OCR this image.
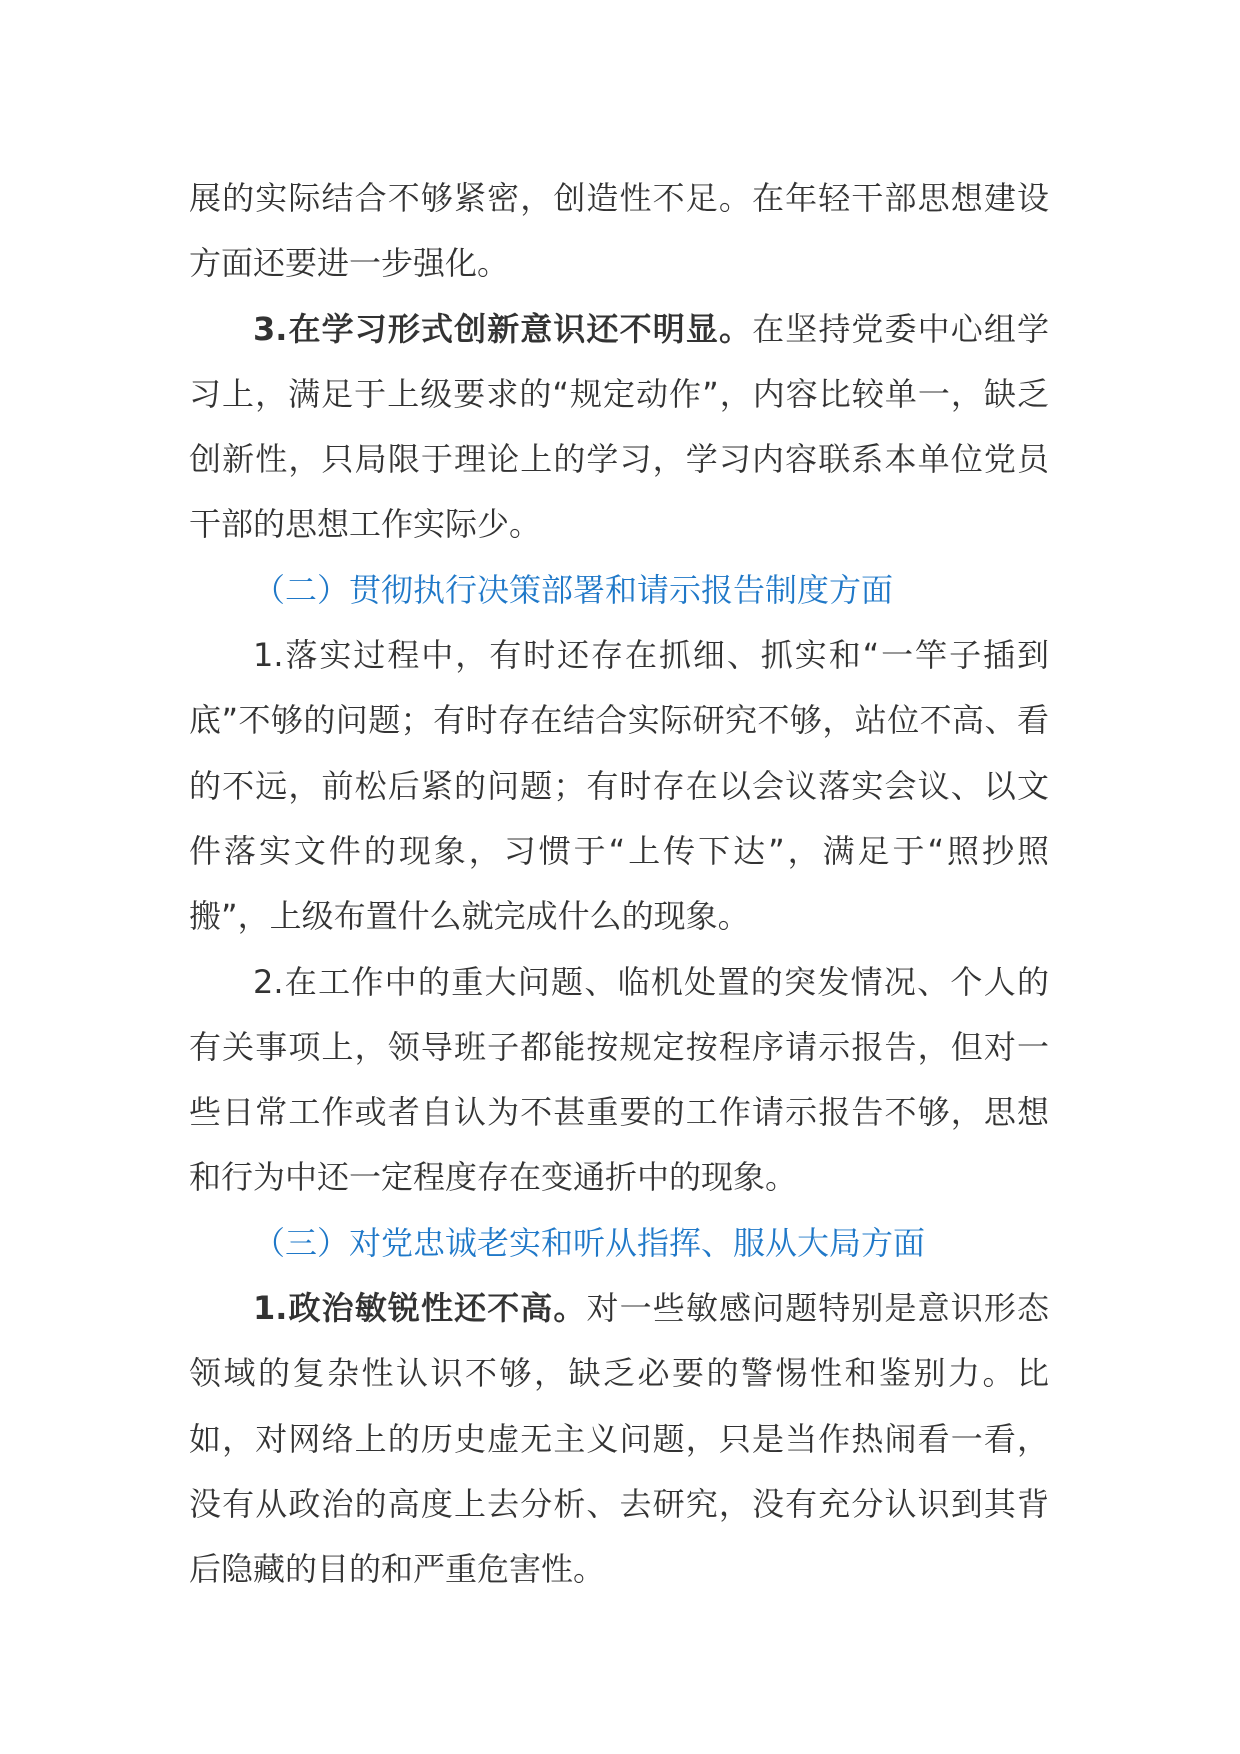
展的实际结合不够紧密，创造性不足。在年轻干部思想建设方面还要进一步强化。

3.在学习形式创新意识还不明显。在坚持党委中心组学习上，满足于上级要求的“规定动作”，内容比较单一，缺乏创新性，只局限于理论上的学习，学习内容联系本单位党员干部的思想工作实际少。

（二）贯彻执行决策部署和请示报告制度方面

1.落实过程中，有时还存在抓细、抓实和“一竿子插到底”不够的问题；有时存在结合实际研究不够，站位不高、看的不远，前松后紧的问题；有时存在以会议落实会议、以文件落实文件的现象，习惯于“上传下达”，满足于“照抄照搬”，上级布置什么就完成什么的现象。

2.在工作中的重大问题、临机处置的突发情况、个人的有关事项上，领导班子都能按规定按程序请示报告，但对一些日常工作或者自认为不甚重要的工作请示报告不够，思想和行为中还一定程度存在变通折中的现象。

（三）对党忠诚老实和听从指挥、服从大局方面

1.政治敏锐性还不高。对一些敏感问题特别是意识形态领域的复杂性认识不够，缺乏必要的警惕性和鉴别力。比如，对网络上的历史虚无主义问题，只是当作热闹看一看，没有从政治的高度上去分析、去研究，没有充分认识到其背后隐藏的目的和严重危害性。
